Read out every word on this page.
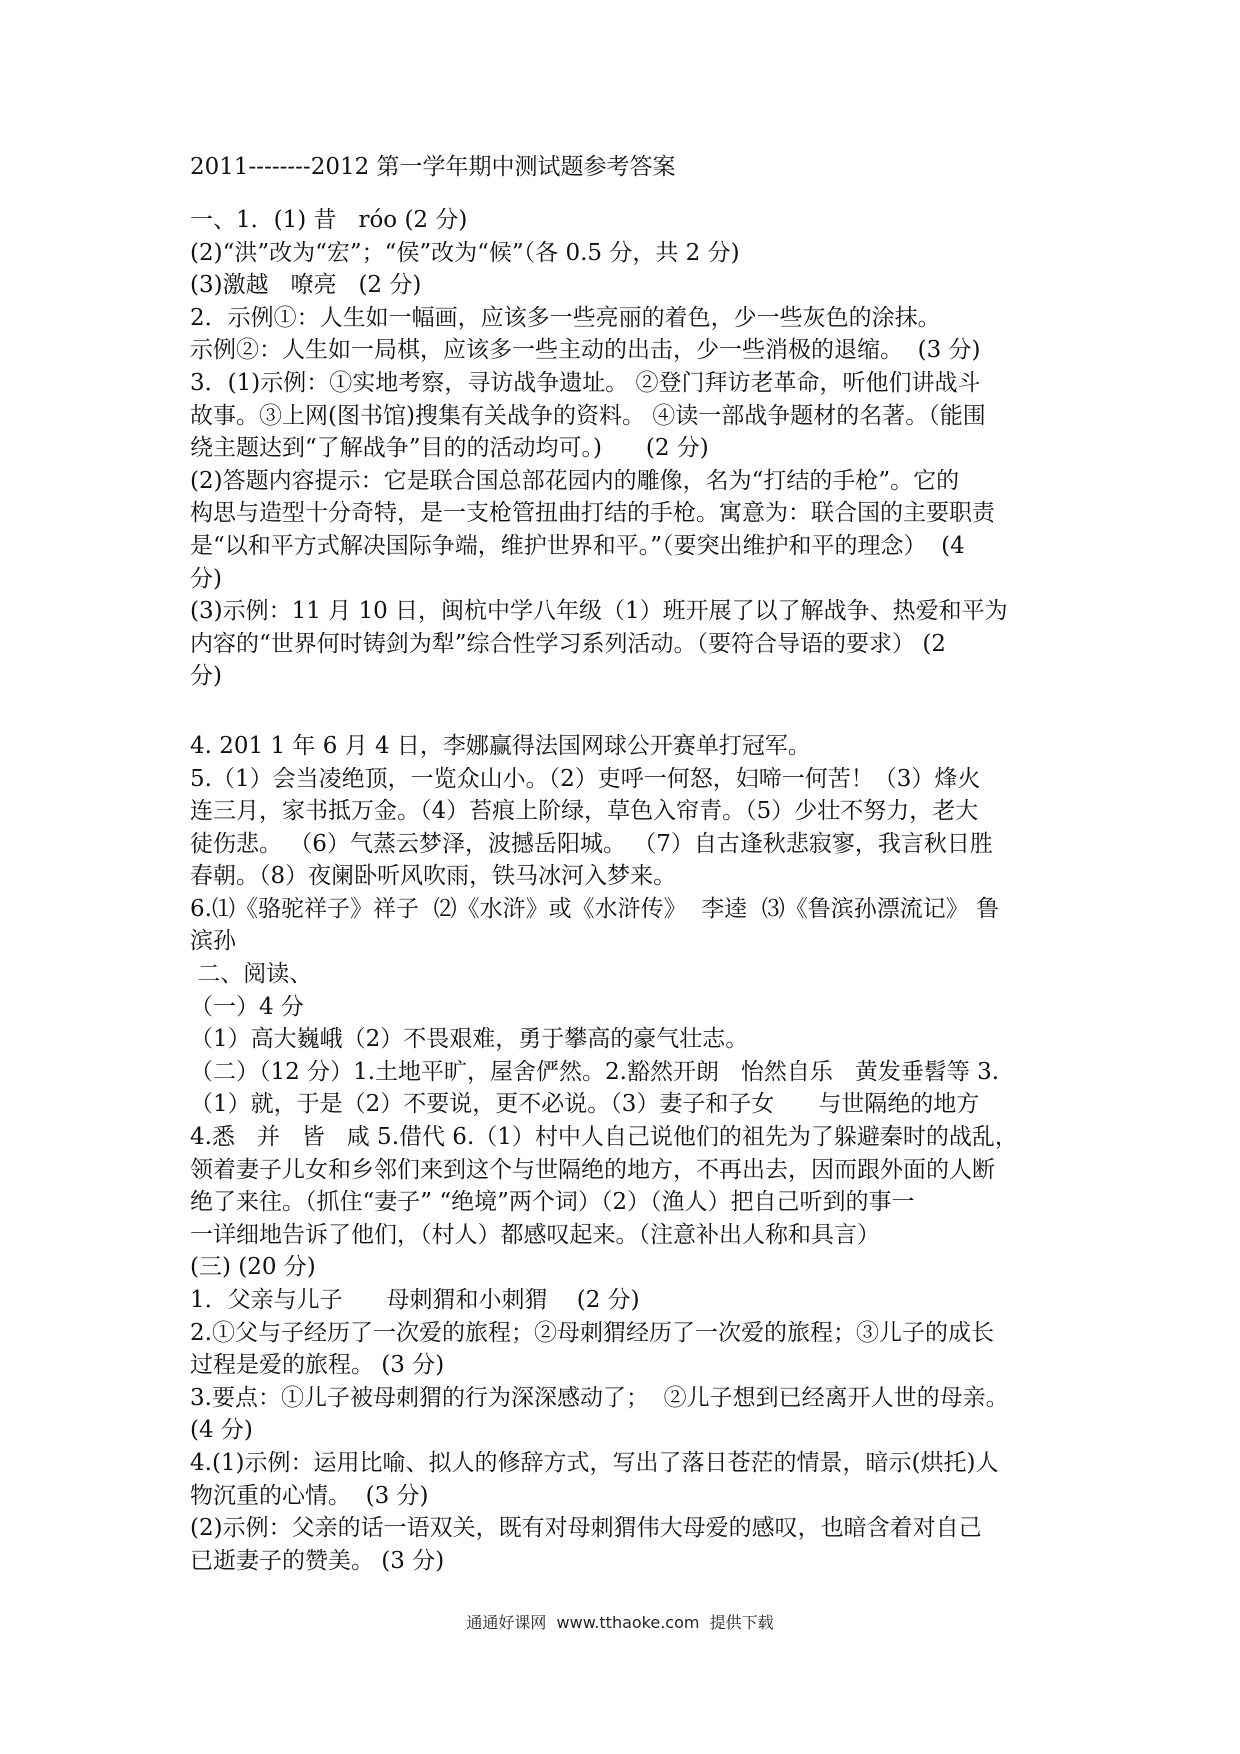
2011--------2012 第一学年期中测试题参考答案
一、1．(1) 昔   róo (2 分)
(2)“洪”改为“宏”；“侯”改为“候”（各 0.5 分，共 2 分)
(3)激越   嘹亮   (2 分)
2．示例①：人生如一幅画，应该多一些亮丽的着色，少一些灰色的涂抹。
示例②：人生如一局棋，应该多一些主动的出击，少一些消极的退缩。  (3 分)
3．(1)示例：①实地考察，寻访战争遗址。 ②登门拜访老革命，听他们讲战斗
故事。③上网(图书馆)搜集有关战争的资料。 ④读一部战争题材的名著。（能围
绕主题达到“了解战争”目的的活动均可。)      (2 分)
(2)答题内容提示：它是联合国总部花园内的雕像，名为“打结的手枪”。它的
构思与造型十分奇特，是一支枪管扭曲打结的手枪。寓意为：联合国的主要职责
是“以和平方式解决国际争端，维护世界和平。”（要突出维护和平的理念）  (4
分)
(3)示例：11 月 10 日，闽杭中学八年级（1）班开展了以了解战争、热爱和平为
内容的“世界何时铸剑为犁”综合性学习系列活动。（要符合导语的要求） (2
分)
4. 201 1 年 6 月 4 日，李娜赢得法国网球公开赛单打冠军。
5.（1）会当凌绝顶，一览众山小。（2）吏呼一何怒，妇啼一何苦！（3）烽火
连三月，家书抵万金。（4）苔痕上阶绿，草色入帘青。（5）少壮不努力，老大
徒伤悲。 （6）气蒸云梦泽，波撼岳阳城。 （7）自古逢秋悲寂寥，我言秋日胜
春朝。（8）夜阑卧听风吹雨，铁马冰河入梦来。
6.⑴《骆驼祥子》祥子  ⑵《水浒》或《水浒传》  李逵  ⑶《鲁滨孙漂流记》 鲁
滨孙
二、阅读、
（一）4 分
（1）高大巍峨（2）不畏艰难，勇于攀高的豪气壮志。
（二）（12 分）1.土地平旷，屋舍俨然。2.豁然开朗   怡然自乐   黄发垂髫等 3.
（1）就，于是（2）不要说，更不必说。（3）妻子和子女      与世隔绝的地方
4.悉   并   皆   咸 5.借代 6.（1）村中人自己说他们的祖先为了躲避秦时的战乱，
领着妻子儿女和乡邻们来到这个与世隔绝的地方，不再出去，因而跟外面的人断
绝了来往。（抓住“妻子” “绝境”两个词）（2）（渔人）把自己听到的事一
一详细地告诉了他们，（村人）都感叹起来。（注意补出人称和具言）
(三) (20 分)
1．父亲与儿子      母刺猬和小刺猬    (2 分)
2.①父与子经历了一次爱的旅程；②母刺猬经历了一次爱的旅程；③儿子的成长
过程是爱的旅程。 (3 分)
3.要点：①儿子被母刺猬的行为深深感动了；  ②儿子想到已经离开人世的母亲。
(4 分)
4.(1)示例：运用比喻、拟人的修辞方式，写出了落日苍茫的情景，暗示(烘托)人
物沉重的心情。  (3 分)
(2)示例：父亲的话一语双关，既有对母刺猬伟大母爱的感叹，也暗含着对自己
已逝妻子的赞美。 (3 分)
通通好课网  www.tthaoke.com  提供下载
